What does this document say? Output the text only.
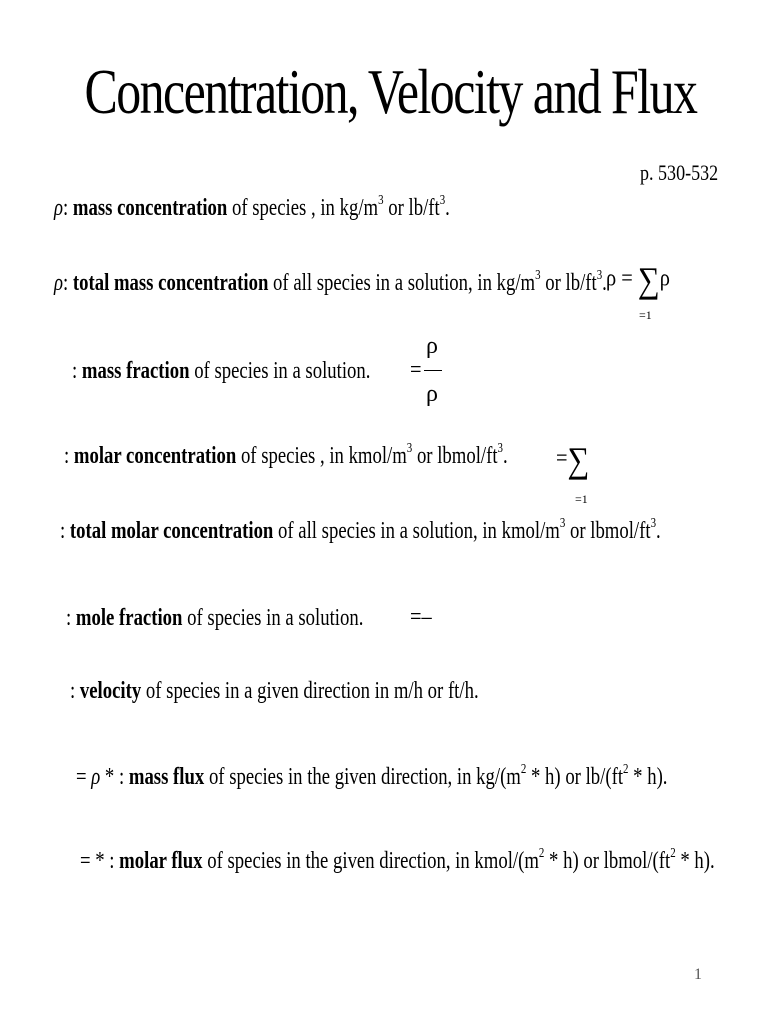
Concentration, Velocity and Flux
p. 530-532
ρ: mass concentration of species , in $kg/m^3$ or $lb/ft^3$.
ρ: total mass concentration of all species in a solution, in $kg/m^3$ or $lb/ft^3$. ρ = ∑ρ
=1
: mass fraction of species in a solution. =
ρ
ρ
: molar concentration of species , in kmol/$m^3$ or lbmol/$ft^3$. =∑
=1
: total molar concentration of all species in a solution, in kmol/$m^3$ or lbmol/$ft^3$.
: mole fraction of species in a solution. =–
: velocity of species in a given direction in m/h or ft/h.
= ρ * : mass flux of species in the given direction, in $kg/(m^2 * h)$ or $lb/(ft^2 * h)$.
= * : molar flux of species in the given direction, in kmol/$(m^2 * h)$ or lbmol/$(ft^2 * h)$.
1
